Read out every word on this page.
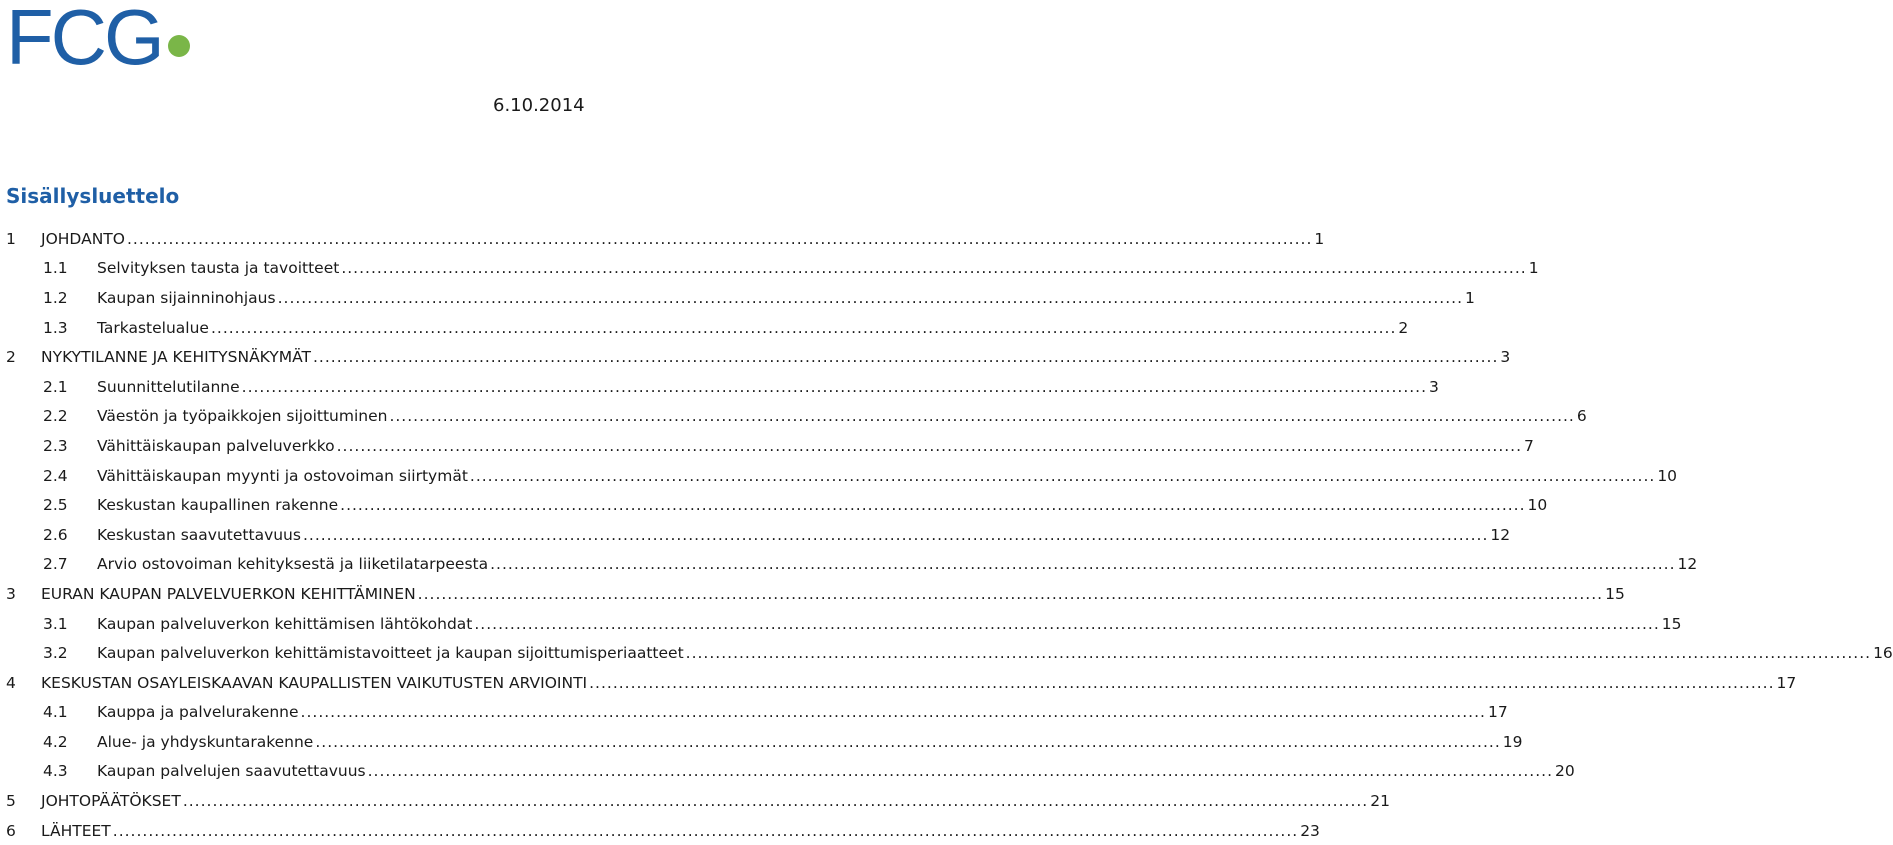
FCG
6.10.2014
Sisällysluettelo
1 JOHDANTO ........................................................................................................................................................................................................ 1
1.1 Selvityksen tausta ja tavoitteet ........................................................................................................................................................................................................ 1
1.2 Kaupan sijainninohjaus ........................................................................................................................................................................................................ 1
1.3 Tarkastelualue ........................................................................................................................................................................................................ 2
2 NYKYTILANNE JA KEHITYSNÄKYMÄT ........................................................................................................................................................................................................ 3
2.1 Suunnittelutilanne ........................................................................................................................................................................................................ 3
2.2 Väestön ja työpaikkojen sijoittuminen ........................................................................................................................................................................................................ 6
2.3 Vähittäiskaupan palveluverkko ........................................................................................................................................................................................................ 7
2.4 Vähittäiskaupan myynti ja ostovoiman siirtymät ........................................................................................................................................................................................................ 10
2.5 Keskustan kaupallinen rakenne ........................................................................................................................................................................................................ 10
2.6 Keskustan saavutettavuus ........................................................................................................................................................................................................ 12
2.7 Arvio ostovoiman kehityksestä ja liiketilatarpeesta ........................................................................................................................................................................................................ 12
3 EURAN KAUPAN PALVELVUERKON KEHITTÄMINEN ........................................................................................................................................................................................................ 15
3.1 Kaupan palveluverkon kehittämisen lähtökohdat ........................................................................................................................................................................................................ 15
3.2 Kaupan palveluverkon kehittämistavoitteet ja kaupan sijoittumisperiaatteet ........................................................................................................................................................................................................ 16
4 KESKUSTAN OSAYLEISKAAVAN KAUPALLISTEN VAIKUTUSTEN ARVIOINTI ........................................................................................................................................................................................................ 17
4.1 Kauppa ja palvelurakenne ........................................................................................................................................................................................................ 17
4.2 Alue- ja yhdyskuntarakenne ........................................................................................................................................................................................................ 19
4.3 Kaupan palvelujen saavutettavuus ........................................................................................................................................................................................................ 20
5 JOHTOPÄÄTÖKSET ........................................................................................................................................................................................................ 21
6 LÄHTEET ........................................................................................................................................................................................................ 23
